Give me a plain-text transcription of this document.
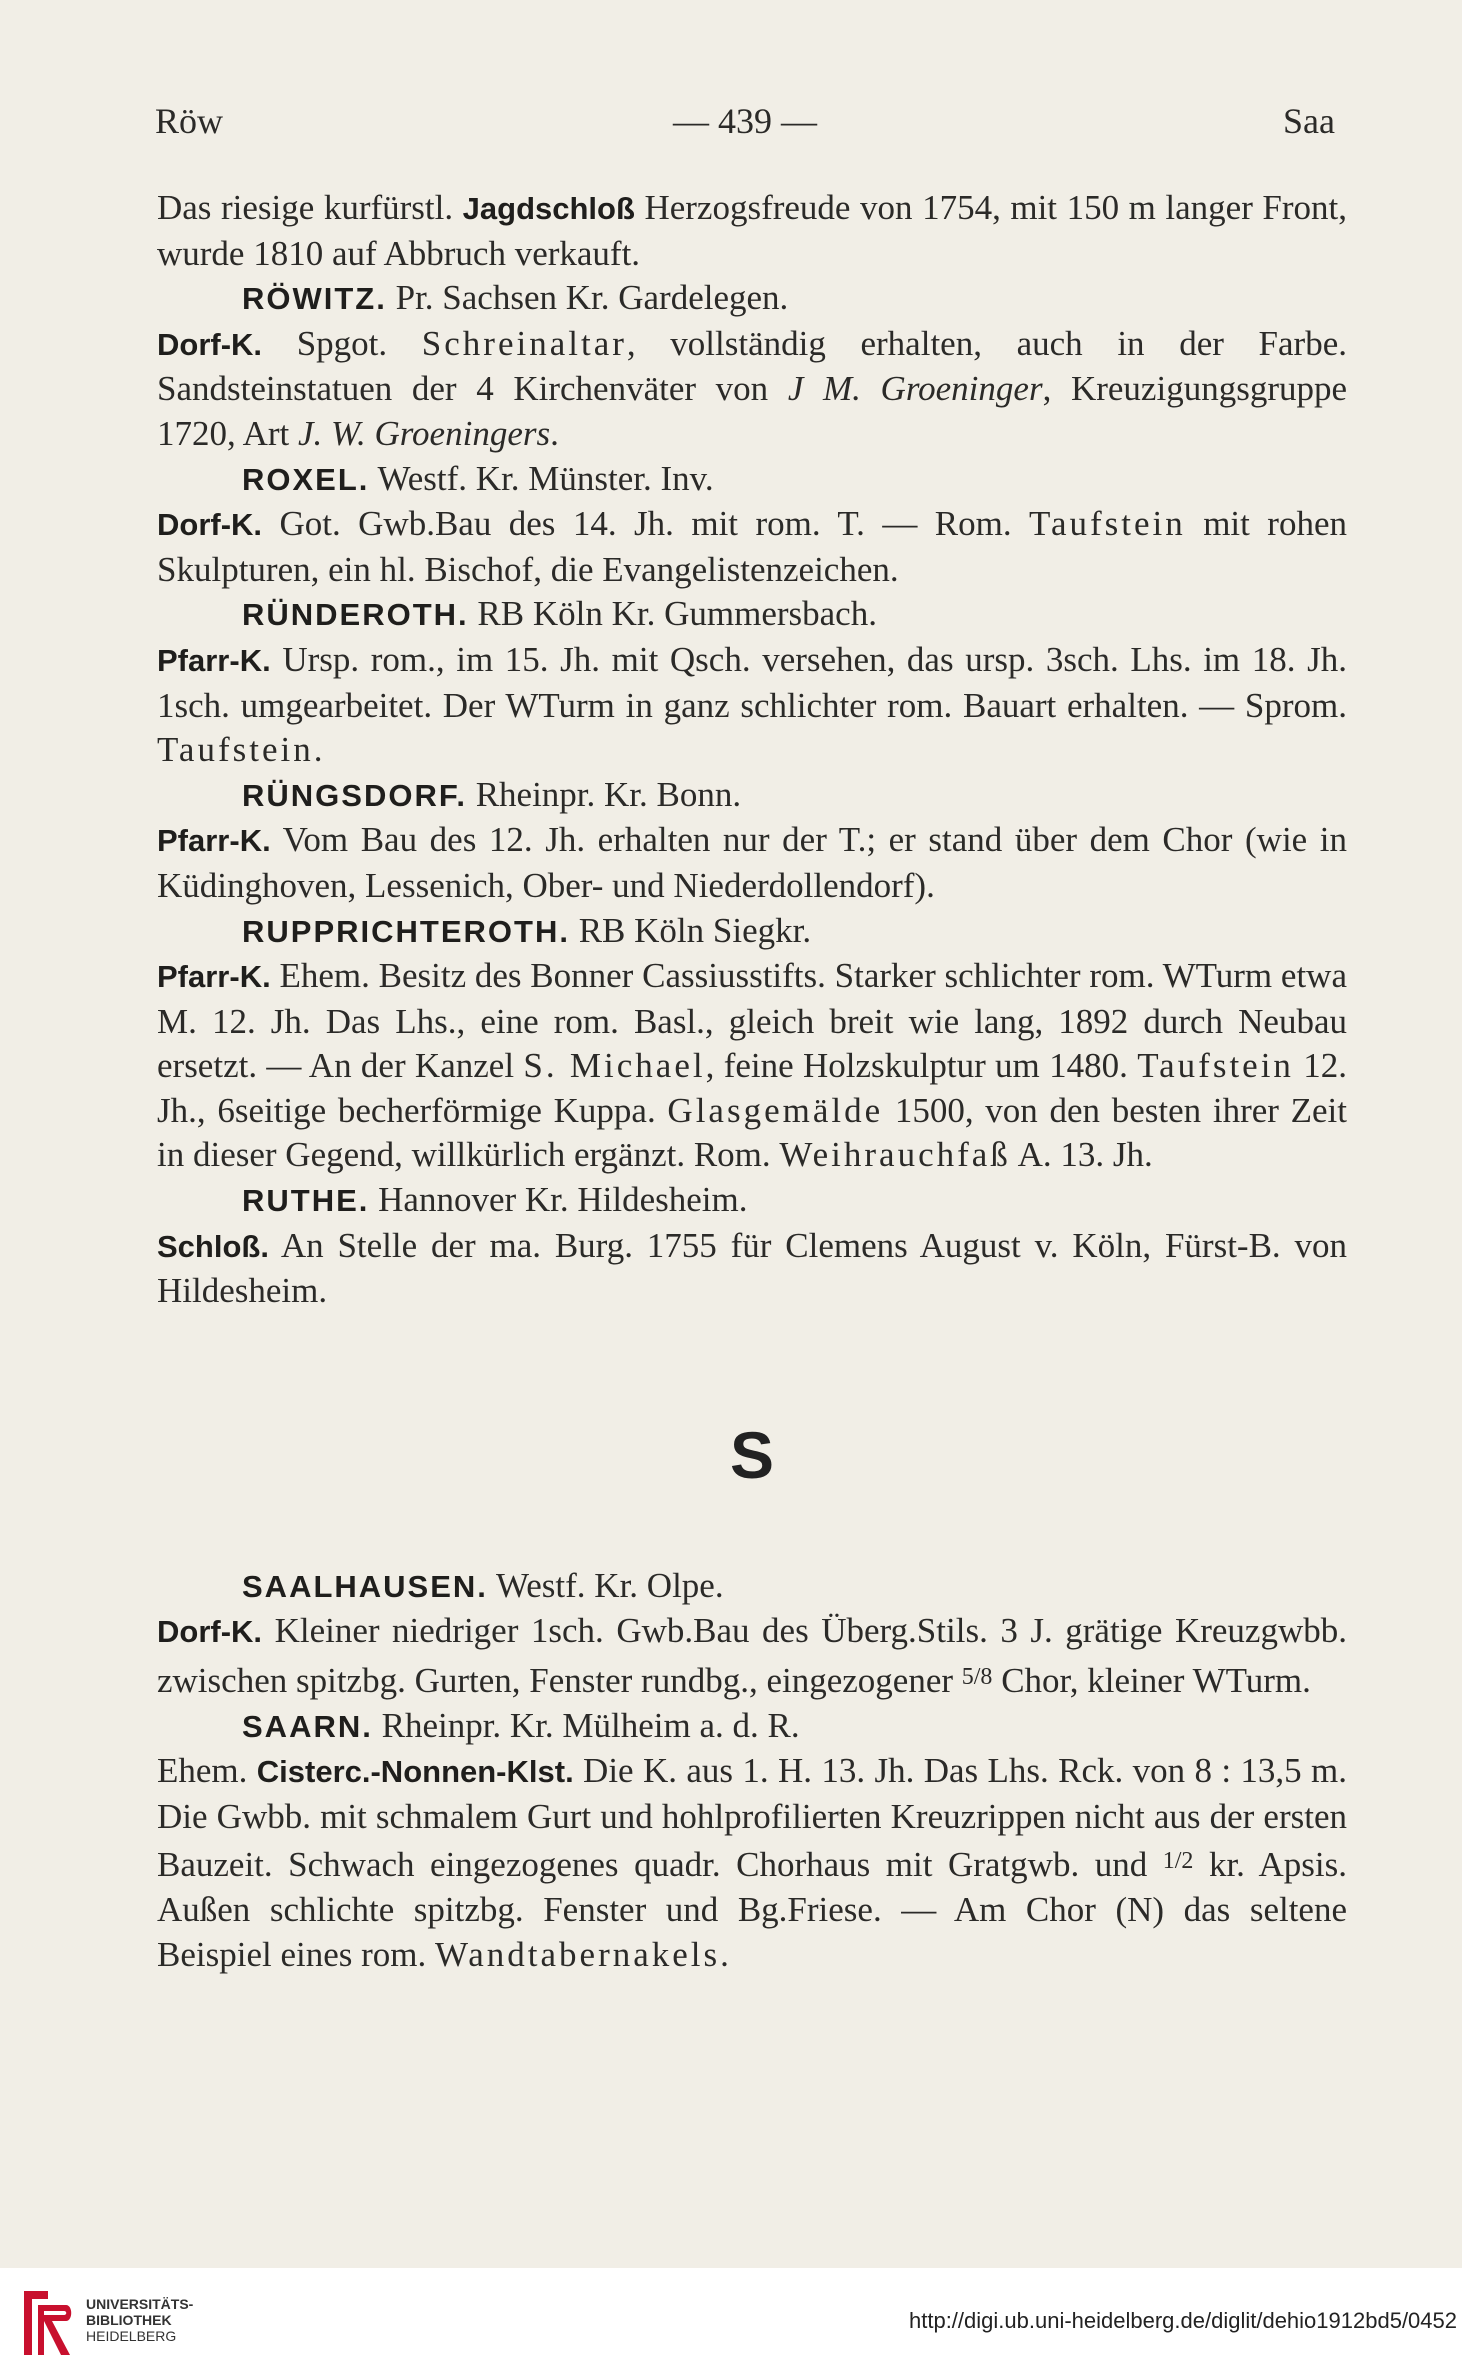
Röw	— 439 —	Saa

Das riesige kurfürstl. Jagdschloß Herzogsfreude von 1754, mit 150 m langer Front, wurde 1810 auf Abbruch verkauft.

RÖWITZ. Pr. Sachsen Kr. Gardelegen.

Dorf-K. Spgot. Schreinaltar, vollständig erhalten, auch in der Farbe. Sandsteinstatuen der 4 Kirchenväter von J M. Groeninger, Kreuzigungsgruppe 1720, Art J. W. Groeningers.

ROXEL. Westf. Kr. Münster. Inv.

Dorf-K. Got. Gwb.Bau des 14. Jh. mit rom. T. — Rom. Taufstein mit rohen Skulpturen, ein hl. Bischof, die Evangelistenzeichen.

RÜNDEROTH. RB Köln Kr. Gummersbach.

Pfarr-K. Ursp. rom., im 15. Jh. mit Qsch. versehen, das ursp. 3sch. Lhs. im 18. Jh. 1sch. umgearbeitet. Der WTurm in ganz schlichter rom. Bauart erhalten. — Sprom. Taufstein.

RÜNGSDORF. Rheinpr. Kr. Bonn.

Pfarr-K. Vom Bau des 12. Jh. erhalten nur der T.; er stand über dem Chor (wie in Küdinghoven, Lessenich, Ober- und Niederdollendorf).

RUPPRICHTEROTH. RB Köln Siegkr.

Pfarr-K. Ehem. Besitz des Bonner Cassiusstifts. Starker schlichter rom. WTurm etwa M. 12. Jh. Das Lhs., eine rom. Basl., gleich breit wie lang, 1892 durch Neubau ersetzt. — An der Kanzel S. Michael, feine Holzskulptur um 1480. Taufstein 12. Jh., 6seitige becherförmige Kuppa. Glasgemälde 1500, von den besten ihrer Zeit in dieser Gegend, willkürlich ergänzt. Rom. Weihrauchfaß A. 13. Jh.

RUTHE. Hannover Kr. Hildesheim.

Schloß. An Stelle der ma. Burg. 1755 für Clemens August v. Köln, Fürst-B. von Hildesheim.

S

SAALHAUSEN. Westf. Kr. Olpe.

Dorf-K. Kleiner niedriger 1sch. Gwb.Bau des Überg.Stils. 3 J. grätige Kreuzgwbb. zwischen spitzbg. Gurten, Fenster rundbg., eingezogener $^{5/8}$ Chor, kleiner WTurm.

SAARN. Rheinpr. Kr. Mülheim a. d. R.

Ehem. Cisterc.-Nonnen-Klst. Die K. aus 1. H. 13. Jh. Das Lhs. Rck. von 8 : 13,5 m. Die Gwbb. mit schmalem Gurt und hohlprofilierten Kreuzrippen nicht aus der ersten Bauzeit. Schwach eingezogenes quadr. Chorhaus mit Gratgwb. und $^{1/2}$ kr. Apsis. Außen schlichte spitzbg. Fenster und Bg.Friese. — Am Chor (N) das seltene Beispiel eines rom. Wandtabernakels.

UNIVERSITÄTS-
BIBLIOTHEK
HEIDELBERG
http://digi.ub.uni-heidelberg.de/diglit/dehio1912bd5/0452
